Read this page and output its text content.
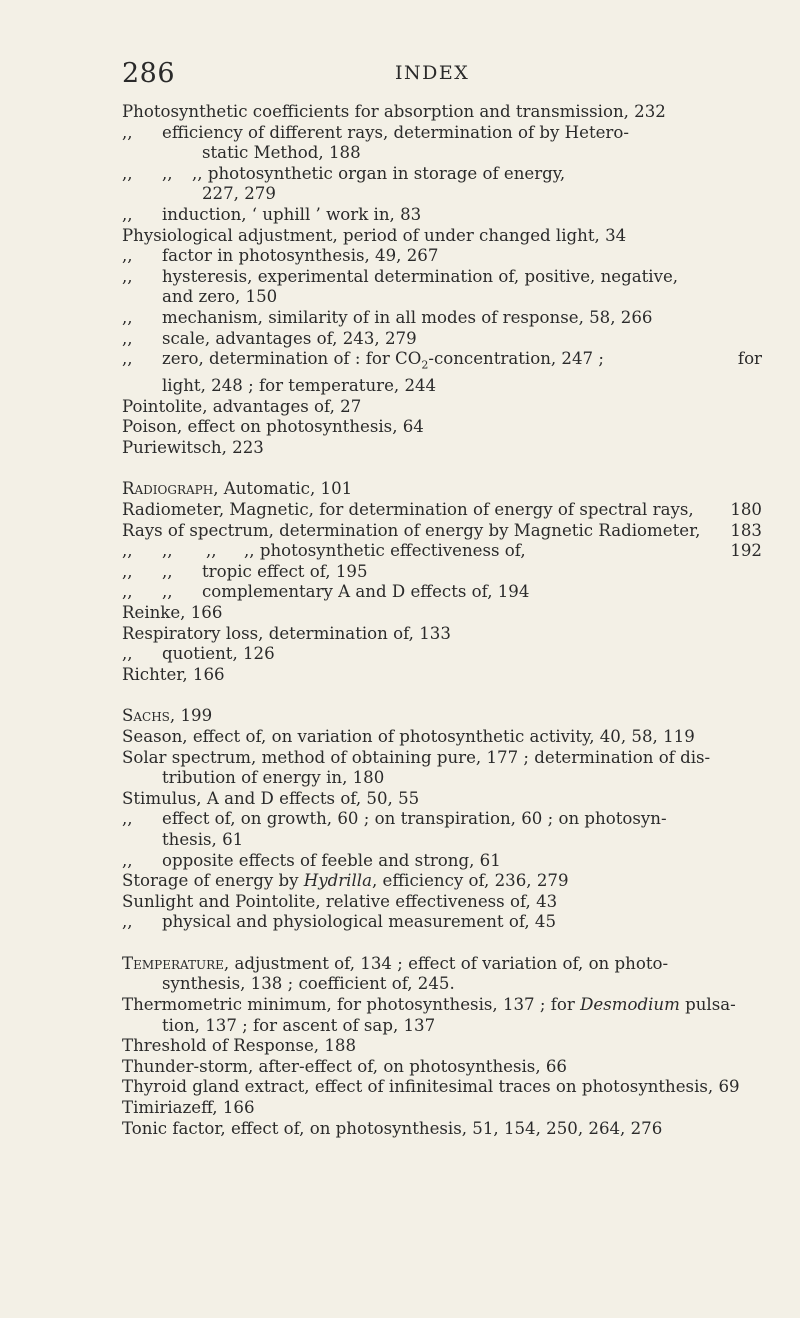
286	INDEX
Photosynthetic coefficients for absorption and transmission, 232
,, efficiency of different rays, determination of by Hetero-
static Method, 188
,, ,, ,, photosynthetic organ in storage of energy,
227, 279
,, induction, ‘ uphill ’ work in, 83
Physiological adjustment, period of under changed light, 34
,, factor in photosynthesis, 49, 267
,, hysteresis, experimental determination of, positive, negative,
and zero, 150
,, mechanism, similarity of in all modes of response, 58, 266
,, scale, advantages of, 243, 279
,, zero, determination of : for $CO_2$-concentration, 247 ;	for
light, 248 ; for temperature, 244
Pointolite, advantages of, 27
Poison, effect on photosynthesis, 64
Puriewitsch, 223
Radiograph, Automatic, 101
Radiometer, Magnetic, for determination of energy of spectral rays, 180
Rays of spectrum, determination of energy by Magnetic Radiometer, 183
,, ,, ,, ,, photosynthetic effectiveness of,	192
,, ,, tropic effect of, 195
,, ,, complementary A and D effects of, 194
Reinke, 166
Respiratory loss, determination of, 133
,, quotient, 126
Richter, 166
Sachs, 199
Season, effect of, on variation of photosynthetic activity, 40, 58, 119
Solar spectrum, method of obtaining pure, 177 ; determination of dis-
tribution of energy in, 180
Stimulus, A and D effects of, 50, 55
,, effect of, on growth, 60 ; on transpiration, 60 ; on photosyn-
thesis, 61
,, opposite effects of feeble and strong, 61
Storage of energy by Hydrilla, efficiency of, 236, 279
Sunlight and Pointolite, relative effectiveness of, 43
,, physical and physiological measurement of, 45
Temperature, adjustment of, 134 ; effect of variation of, on photo-
synthesis, 138 ; coefficient of, 245.
Thermometric minimum, for photosynthesis, 137 ; for Desmodium pulsa-
tion, 137 ; for ascent of sap, 137
Threshold of Response, 188
Thunder-storm, after-effect of, on photosynthesis, 66
Thyroid gland extract, effect of infinitesimal traces on photosynthesis, 69
Timiriazeff, 166
Tonic factor, effect of, on photosynthesis, 51, 154, 250, 264, 276
